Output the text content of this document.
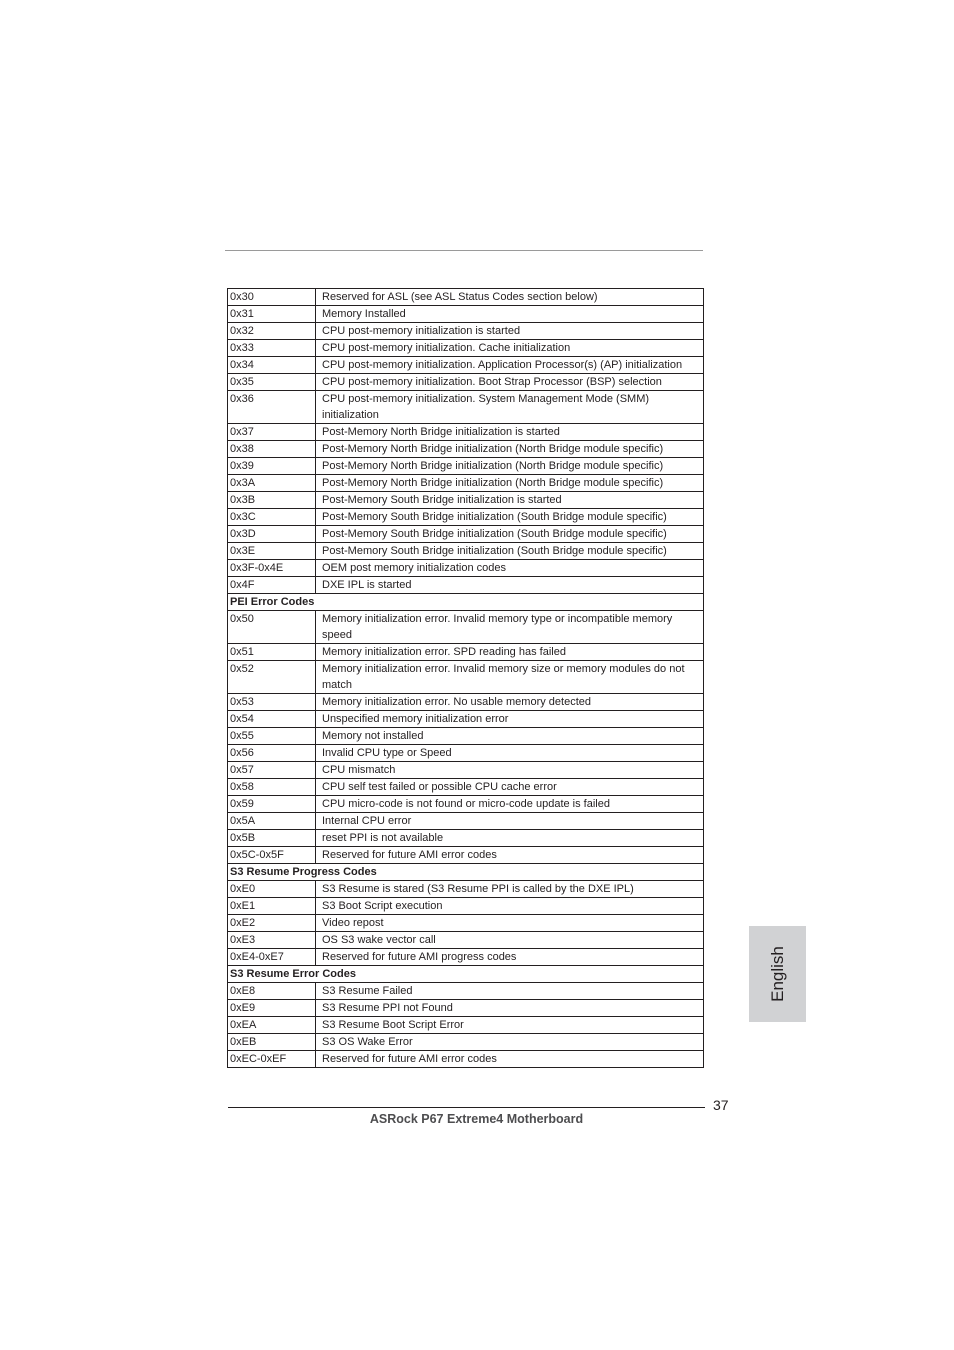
0x30	Reserved for ASL (see ASL Status Codes section below)
0x31	Memory Installed
0x32	CPU post-memory initialization is started
0x33	CPU post-memory initialization. Cache initialization
0x34	CPU post-memory initialization. Application Processor(s) (AP) initialization
0x35	CPU post-memory initialization. Boot Strap Processor (BSP) selection
0x36	CPU post-memory initialization. System Management Mode (SMM) initialization
0x37	Post-Memory North Bridge initialization is started
0x38	Post-Memory North Bridge initialization (North Bridge module specific)
0x39	Post-Memory North Bridge initialization (North Bridge module specific)
0x3A	Post-Memory North Bridge initialization (North Bridge module specific)
0x3B	Post-Memory South Bridge initialization is started
0x3C	Post-Memory South Bridge initialization (South Bridge module specific)
0x3D	Post-Memory South Bridge initialization (South Bridge module specific)
0x3E	Post-Memory South Bridge initialization (South Bridge module specific)
0x3F-0x4E	OEM post memory initialization codes
0x4F	DXE IPL is started
PEI Error Codes	
0x50	Memory initialization error. Invalid memory type or incompatible memory speed
0x51	Memory initialization error. SPD reading has failed
0x52	Memory initialization error. Invalid memory size or memory modules do not match
0x53	Memory initialization error. No usable memory detected
0x54	Unspecified memory initialization error
0x55	Memory not installed
0x56	Invalid CPU type or Speed
0x57	CPU mismatch
0x58	CPU self test failed or possible CPU cache error
0x59	CPU micro-code is not found or micro-code update is failed
0x5A	Internal CPU error
0x5B	reset PPI is not available
0x5C-0x5F	Reserved for future AMI error codes
S3 Resume Progress Codes	
0xE0	S3 Resume is stared (S3 Resume PPI is called by the DXE IPL)
0xE1	S3 Boot Script execution
0xE2	Video repost
0xE3	OS S3 wake vector call
0xE4-0xE7	Reserved for future AMI progress codes
S3 Resume Error Codes	
0xE8	S3 Resume Failed
0xE9	S3 Resume PPI not Found
0xEA	S3 Resume Boot Script Error
0xEB	S3 OS Wake Error
0xEC-0xEF	Reserved for future AMI error codes
English
37
ASRock P67 Extreme4 Motherboard
